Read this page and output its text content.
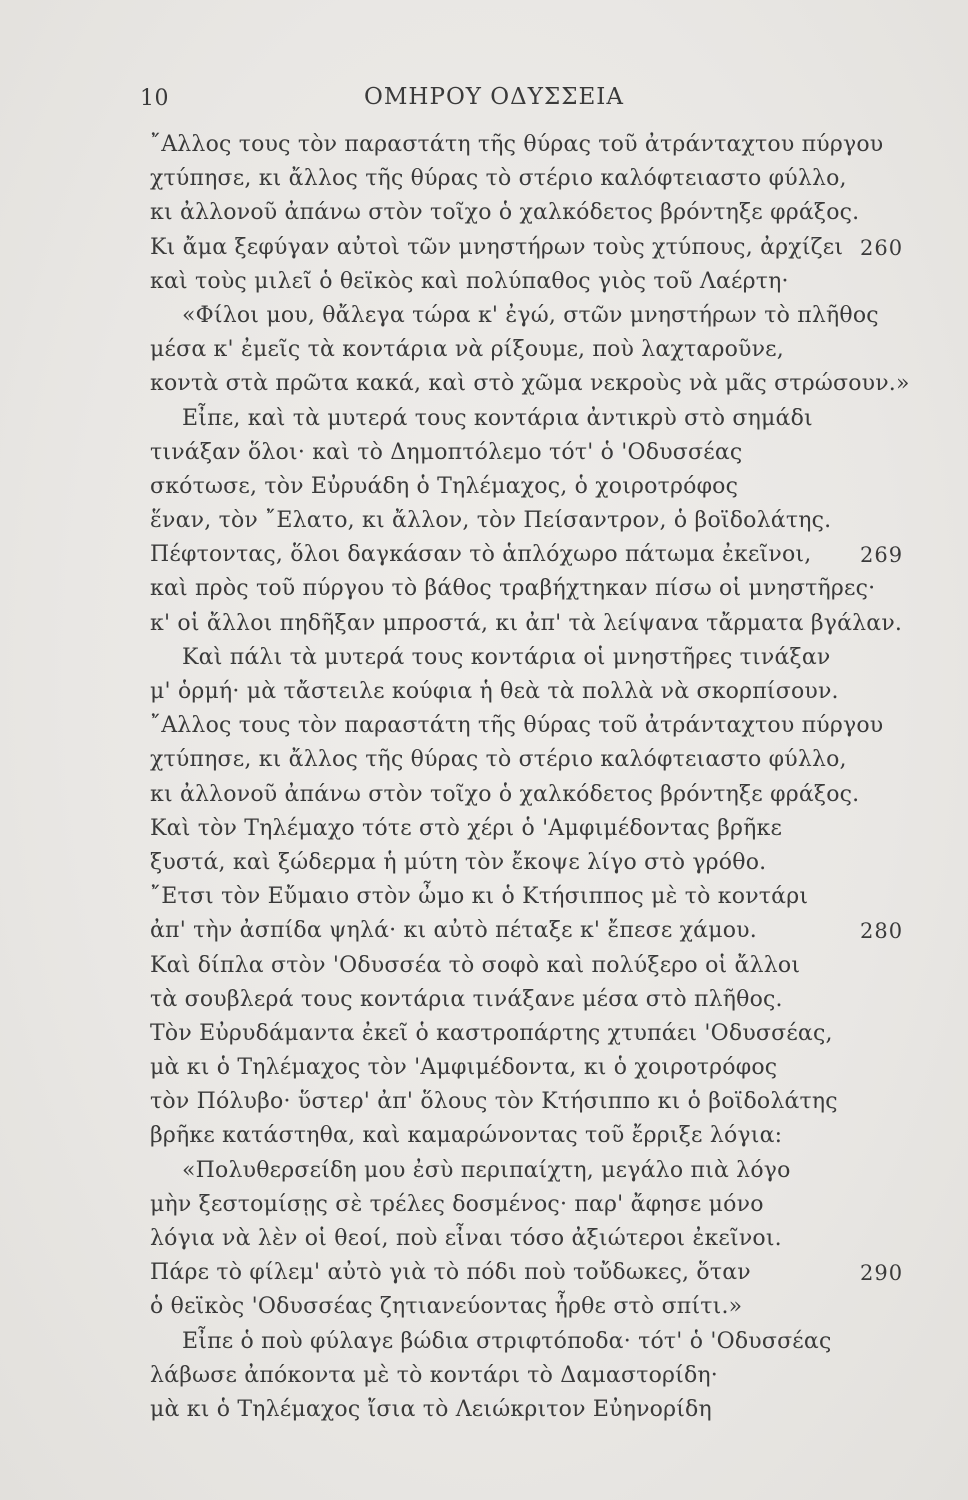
10	ΟΜΗΡΟΥ ΟΔΥΣΣΕΙΑ
῎Αλλος τους τὸν παραστάτη τῆς θύρας τοῦ ἀτράνταχτου πύργου
χτύπησε, κι ἄλλος τῆς θύρας τὸ στέριο καλόφτειαστο φύλλο,
κι ἀλλονοῦ ἀπάνω στὸν τοῖχο ὁ χαλκόδετος βρόντηξε φράξος.
Κι ἄμα ξεφύγαν αὐτοὶ τῶν μνηστήρων τοὺς χτύπους, ἀρχίζει 260
καὶ τοὺς μιλεῖ ὁ θεϊκὸς καὶ πολύπαθος γιὸς τοῦ Λαέρτη·
«Φίλοι μου, θἄλεγα τώρα κ' ἐγώ, στῶν μνηστήρων τὸ πλῆθος
μέσα κ' ἐμεῖς τὰ κοντάρια νὰ ρίξουμε, ποὺ λαχταροῦνε,
κοντὰ στὰ πρῶτα κακά, καὶ στὸ χῶμα νεκροὺς νὰ μᾶς στρώσουν.»
Εἶπε, καὶ τὰ μυτερά τους κοντάρια ἀντικρὺ στὸ σημάδι
τινάξαν ὅλοι· καὶ τὸ Δημοπτόλεμο τότ' ὁ 'Οδυσσέας
σκότωσε, τὸν Εὐρυάδη ὁ Τηλέμαχος, ὁ χοιροτρόφος
ἕναν, τὸν ῎Ελατο, κι ἄλλον, τὸν Πείσαντρον, ὁ βοϊδολάτης.
Πέφτοντας, ὅλοι δαγκάσαν τὸ ἁπλόχωρο πάτωμα ἐκεῖνοι, 269
καὶ πρὸς τοῦ πύργου τὸ βάθος τραβήχτηκαν πίσω οἱ μνηστῆρες·
κ' οἱ ἄλλοι πηδῆξαν μπροστά, κι ἀπ' τὰ λείψανα τἄρματα βγάλαν.
Καὶ πάλι τὰ μυτερά τους κοντάρια οἱ μνηστῆρες τινάξαν
μ' ὁρμή· μὰ τἄστειλε κούφια ἡ θεὰ τὰ πολλὰ νὰ σκορπίσουν.
῎Αλλος τους τὸν παραστάτη τῆς θύρας τοῦ ἀτράνταχτου πύργου
χτύπησε, κι ἄλλος τῆς θύρας τὸ στέριο καλόφτειαστο φύλλο,
κι ἀλλονοῦ ἀπάνω στὸν τοῖχο ὁ χαλκόδετος βρόντηξε φράξος.
Καὶ τὸν Τηλέμαχο τότε στὸ χέρι ὁ 'Αμφιμέδοντας βρῆκε
ξυστά, καὶ ξώδερμα ἡ μύτη τὸν ἔκοψε λίγο στὸ γρόθο.
῎Ετσι τὸν Εὔμαιο στὸν ὦμο κι ὁ Κτήσιππος μὲ τὸ κοντάρι
ἀπ' τὴν ἀσπίδα ψηλά· κι αὐτὸ πέταξε κ' ἔπεσε χάμου.	280
Καὶ δίπλα στὸν 'Οδυσσέα τὸ σοφὸ καὶ πολύξερο οἱ ἄλλοι
τὰ σουβλερά τους κοντάρια τινάξανε μέσα στὸ πλῆθος.
Τὸν Εὐρυδάμαντα ἐκεῖ ὁ καστροπάρτης χτυπάει 'Οδυσσέας,
μὰ κι ὁ Τηλέμαχος τὸν 'Αμφιμέδοντα, κι ὁ χοιροτρόφος
τὸν Πόλυβο· ὕστερ' ἀπ' ὅλους τὸν Κτήσιππο κι ὁ βοϊδολάτης
βρῆκε κατάστηθα, καὶ καμαρώνοντας τοῦ ἔρριξε λόγια:
«Πολυθερσείδη μου ἐσὺ περιπαίχτη, μεγάλο πιὰ λόγο
μὴν ξεστομίσῃς σὲ τρέλες δοσμένος· παρ' ἄφησε μόνο
λόγια νὰ λὲν οἱ θεοί, ποὺ εἶναι τόσο ἀξιώτεροι ἐκεῖνοι.
Πάρε τὸ φίλεμ' αὐτὸ γιὰ τὸ πόδι ποὺ τοὔδωκες, ὅταν	290
ὁ θεϊκὸς 'Οδυσσέας ζητιανεύοντας ἦρθε στὸ σπίτι.»
Εἶπε ὁ ποὺ φύλαγε βώδια στριφτόποδα· τότ' ὁ 'Οδυσσέας
λάβωσε ἀπόκοντα μὲ τὸ κοντάρι τὸ Δαμαστορίδη·
μὰ κι ὁ Τηλέμαχος ἴσια τὸ Λειώκριτον Εὐηνορίδη
